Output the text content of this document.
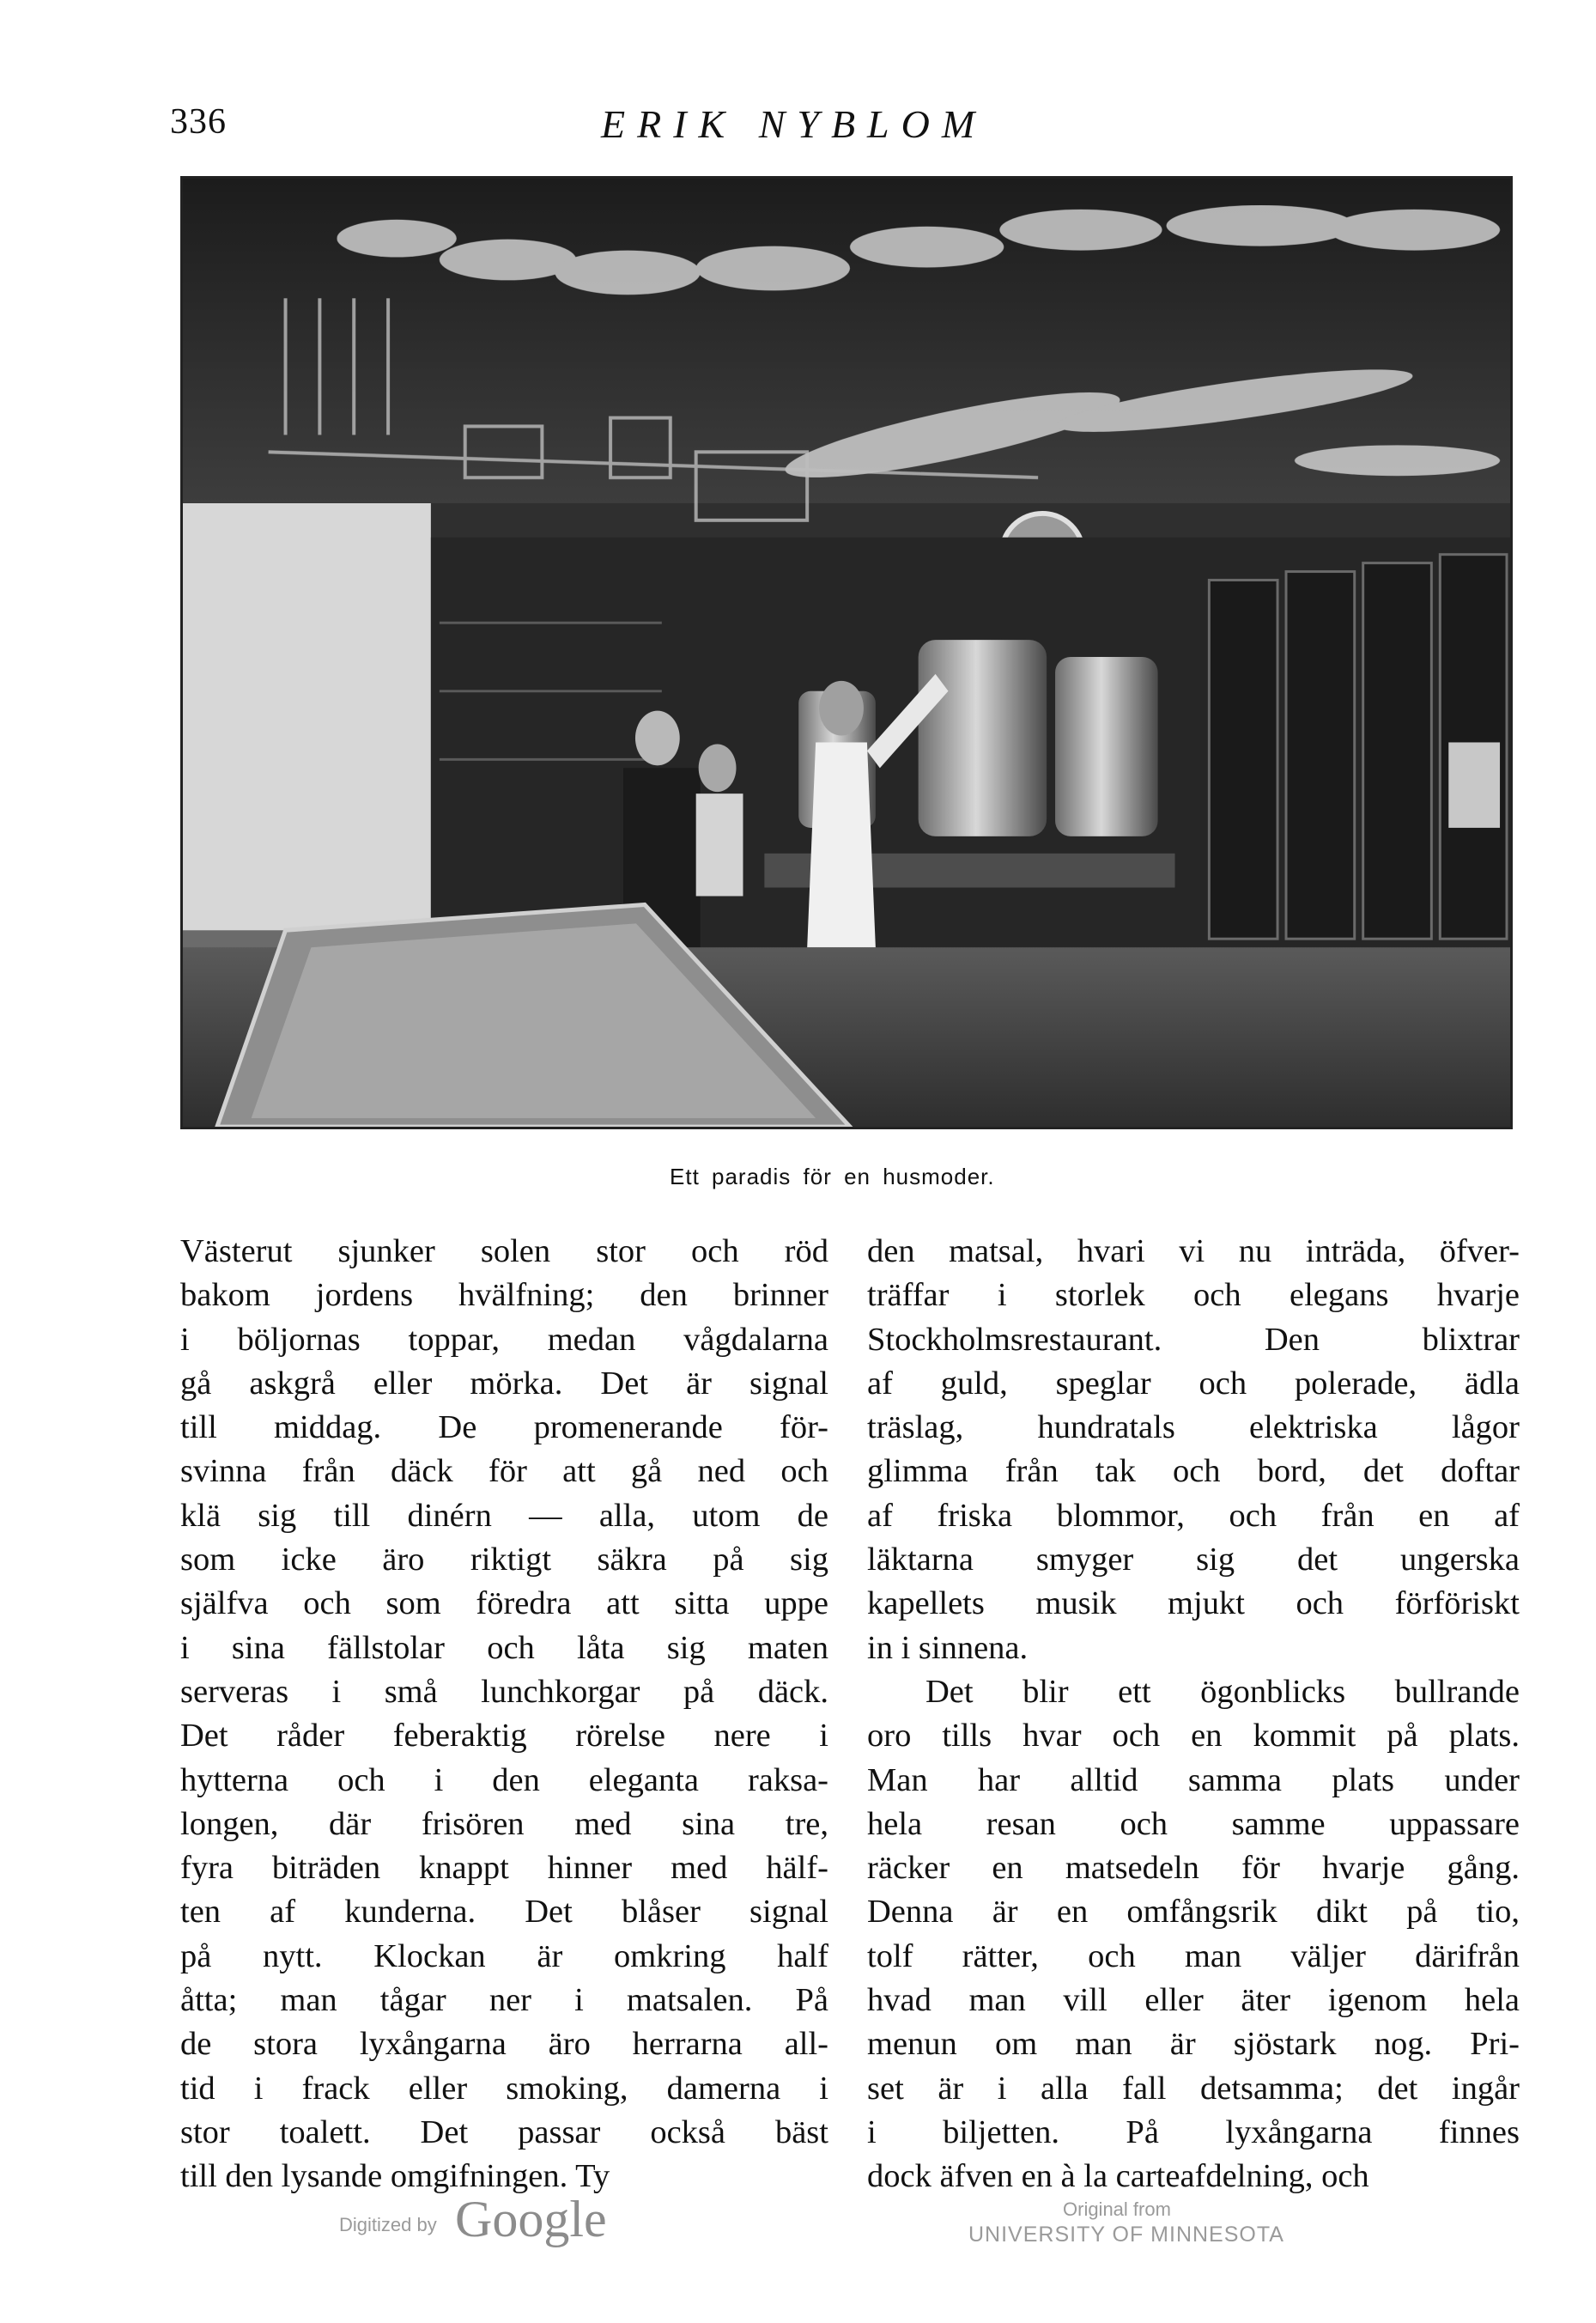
336	ERIK NYBLOM
Ett paradis för en husmoder.
Västerut sjunker solen stor och röd
bakom jordens hvälfning; den brinner
i böljornas toppar, medan vågdalarna
gå askgrå eller mörka. Det är signal
till middag. De promenerande för-
svinna från däck för att gå ned och
klä sig till dinérn — alla, utom de
som icke äro riktigt säkra på sig
själfva och som föredra att sitta uppe
i sina fällstolar och låta sig maten
serveras i små lunchkorgar på däck.
Det råder feberaktig rörelse nere i
hytterna och i den eleganta raksa-
longen, där frisören med sina tre,
fyra biträden knappt hinner med hälf-
ten af kunderna. Det blåser signal
på nytt. Klockan är omkring half
åtta; man tågar ner i matsalen. På
de stora lyxångarna äro herrarna all-
tid i frack eller smoking, damerna i
stor toalett. Det passar också bäst
till den lysande omgifningen. Ty
den matsal, hvari vi nu inträda, öfver-
träffar i storlek och elegans hvarje
Stockholmsrestaurant. Den blixtrar
af guld, speglar och polerade, ädla
träslag, hundratals elektriska lågor
glimma från tak och bord, det doftar
af friska blommor, och från en af
läktarna smyger sig det ungerska
kapellets musik mjukt och förföriskt
in i sinnena.
Det blir ett ögonblicks bullrande
oro tills hvar och en kommit på plats.
Man har alltid samma plats under
hela resan och samme uppassare
räcker en matsedeln för hvarje gång.
Denna är en omfångsrik dikt på tio,
tolf rätter, och man väljer därifrån
hvad man vill eller äter igenom hela
menun om man är sjöstark nog. Pri-
set är i alla fall detsamma; det ingår
i biljetten. På lyxångarna finnes
dock äfven en à la carteafdelning, och
Digitized by Google	Original from
UNIVERSITY OF MINNESOTA
